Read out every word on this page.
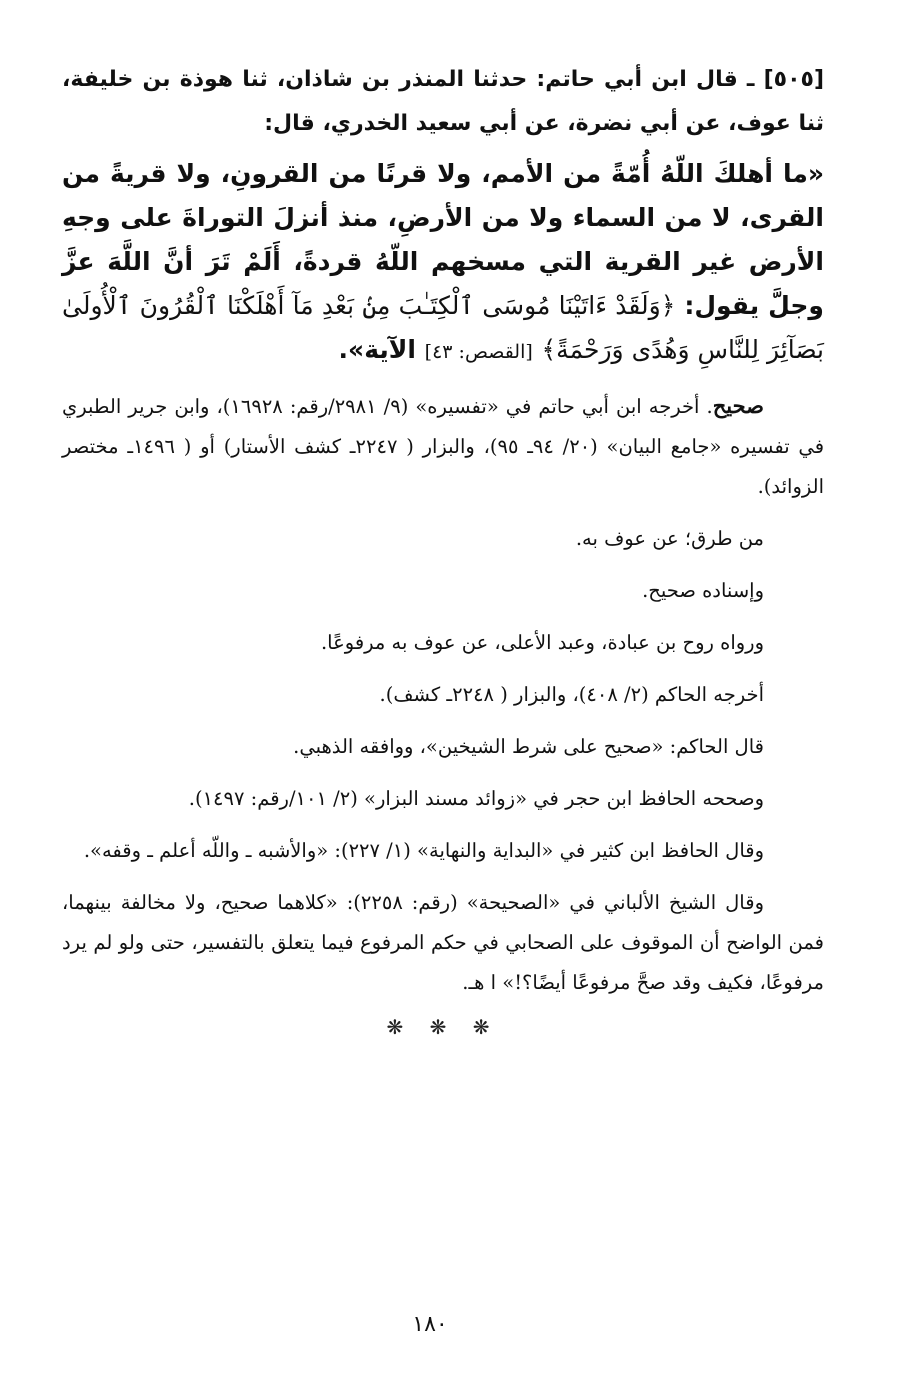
[٥٠٥] ـ قال ابن أبي حاتم: حدثنا المنذر بن شاذان، ثنا هوذة بن خليفة، ثنا عوف، عن أبي نضرة، عن أبي سعيد الخدري، قال:

«ما أهلكَ اللّهُ أُمّةً من الأمم، ولا قرنًا من القرونِ، ولا قريةً من القرى، لا من السماء ولا من الأرضِ، منذ أنزلَ التوراةَ على وجهِ الأرض غير القرية التي مسخهم اللّهُ قردةً، أَلَمْ تَرَ أنَّ اللَّهَ عزَّ وجلَّ يقول: ﴿وَلَقَدْ ءَاتَيْنَا مُوسَى ٱلْكِتَـٰبَ مِنۢ بَعْدِ مَآ أَهْلَكْنَا ٱلْقُرُونَ ٱلْأُولَىٰ بَصَآئِرَ لِلنَّاسِ وَهُدًى وَرَحْمَةً﴾ [القصص: ٤٣] الآية».

صحيح. أخرجه ابن أبي حاتم في «تفسيره» (٩/ ٢٩٨١/رقم: ١٦٩٢٨)، وابن جرير الطبري في تفسيره «جامع البيان» (٢٠/ ٩٤ـ ٩٥)، والبزار ( ٢٢٤٧ـ كشف الأستار) أو ( ١٤٩٦ـ مختصر الزوائد).

من طرق؛ عن عوف به.

وإسناده صحيح.

ورواه روح بن عبادة، وعبد الأعلى، عن عوف به مرفوعًا.

أخرجه الحاكم (٢/ ٤٠٨)، والبزار ( ٢٢٤٨ـ كشف).

قال الحاكم: «صحيح على شرط الشيخين»، ووافقه الذهبي.

وصححه الحافظ ابن حجر في «زوائد مسند البزار» (٢/ ١٠١/رقم: ١٤٩٧).

وقال الحافظ ابن كثير في «البداية والنهاية» (١/ ٢٢٧): «والأشبه ـ واللّه أعلم ـ وقفه».

وقال الشيخ الألباني في «الصحيحة» (رقم: ٢٢٥٨): «كلاهما صحيح، ولا مخالفة بينهما، فمن الواضح أن الموقوف على الصحابي في حكم المرفوع فيما يتعلق بالتفسير، حتى ولو لم يرد مرفوعًا، فكيف وقد صحَّ مرفوعًا أيضًا؟!» ا هـ.

❋ ❋ ❋
١٨٠
